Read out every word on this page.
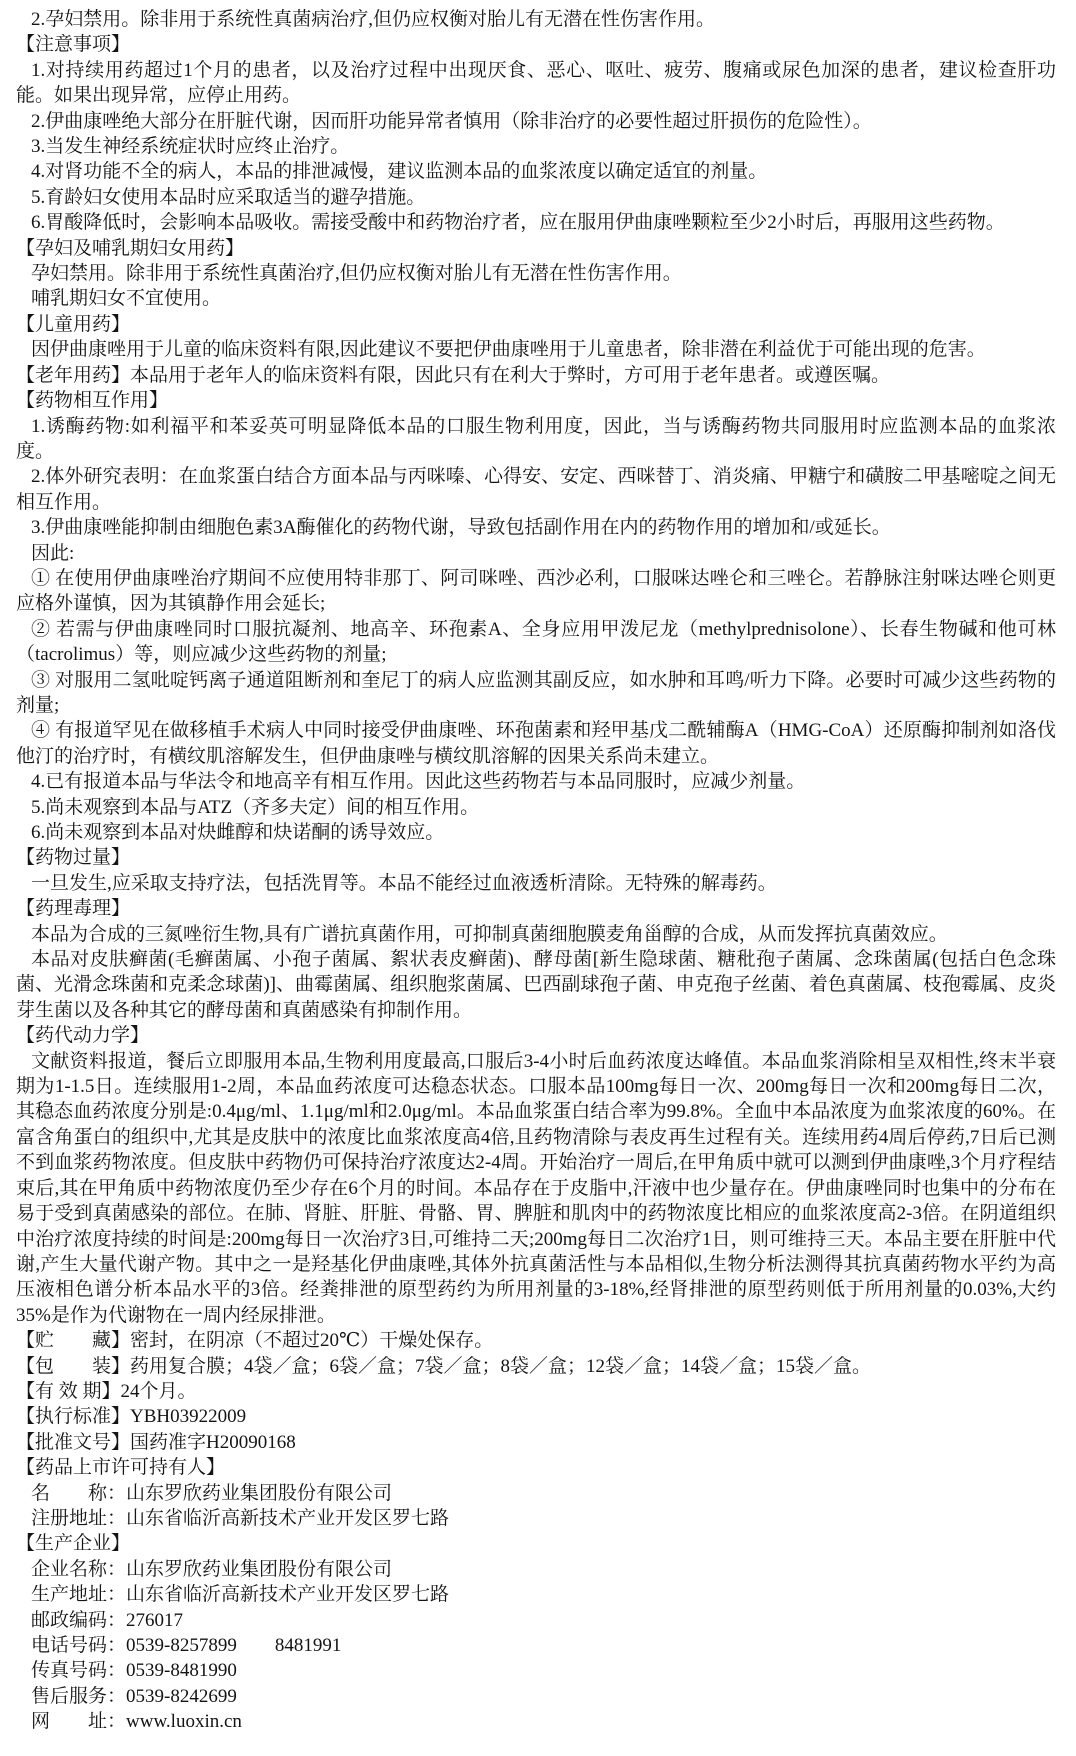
2.孕妇禁用。除非用于系统性真菌病治疗,但仍应权衡对胎儿有无潜在性伤害作用。

【注意事项】

1.对持续用药超过1个月的患者，以及治疗过程中出现厌食、恶心、呕吐、疲劳、腹痛或尿色加深的患者，建议检查肝功能。如果出现异常，应停止用药。

2.伊曲康唑绝大部分在肝脏代谢，因而肝功能异常者慎用（除非治疗的必要性超过肝损伤的危险性）。

3.当发生神经系统症状时应终止治疗。

4.对肾功能不全的病人，本品的排泄减慢，建议监测本品的血浆浓度以确定适宜的剂量。

5.育龄妇女使用本品时应采取适当的避孕措施。

6.胃酸降低时，会影响本品吸收。需接受酸中和药物治疗者，应在服用伊曲康唑颗粒至少2小时后，再服用这些药物。

【孕妇及哺乳期妇女用药】

孕妇禁用。除非用于系统性真菌治疗,但仍应权衡对胎儿有无潜在性伤害作用。

哺乳期妇女不宜使用。

【儿童用药】

因伊曲康唑用于儿童的临床资料有限,因此建议不要把伊曲康唑用于儿童患者，除非潜在利益优于可能出现的危害。

【老年用药】本品用于老年人的临床资料有限，因此只有在利大于弊时，方可用于老年患者。或遵医嘱。

【药物相互作用】

1.诱酶药物:如利福平和苯妥英可明显降低本品的口服生物利用度，因此，当与诱酶药物共同服用时应监测本品的血浆浓度。

2.体外研究表明：在血浆蛋白结合方面本品与丙咪嗪、心得安、安定、西咪替丁、消炎痛、甲糖宁和磺胺二甲基嘧啶之间无相互作用。

3.伊曲康唑能抑制由细胞色素3A酶催化的药物代谢，导致包括副作用在内的药物作用的增加和/或延长。

因此:

① 在使用伊曲康唑治疗期间不应使用特非那丁、阿司咪唑、西沙必利，口服咪达唑仑和三唑仑。若静脉注射咪达唑仑则更应格外谨慎，因为其镇静作用会延长;

② 若需与伊曲康唑同时口服抗凝剂、地高辛、环孢素A、全身应用甲泼尼龙（methylprednisolone）、长春生物碱和他可林（tacrolimus）等，则应减少这些药物的剂量;

③ 对服用二氢吡啶钙离子通道阻断剂和奎尼丁的病人应监测其副反应，如水肿和耳鸣/听力下降。必要时可减少这些药物的剂量;

④ 有报道罕见在做移植手术病人中同时接受伊曲康唑、环孢菌素和羟甲基戊二酰辅酶A（HMG-CoA）还原酶抑制剂如洛伐他汀的治疗时，有横纹肌溶解发生，但伊曲康唑与横纹肌溶解的因果关系尚未建立。

4.已有报道本品与华法令和地高辛有相互作用。因此这些药物若与本品同服时，应减少剂量。

5.尚未观察到本品与ATZ（齐多夫定）间的相互作用。

6.尚未观察到本品对炔雌醇和炔诺酮的诱导效应。

【药物过量】

一旦发生,应采取支持疗法，包括洗胃等。本品不能经过血液透析清除。无特殊的解毒药。

【药理毒理】

本品为合成的三氮唑衍生物,具有广谱抗真菌作用，可抑制真菌细胞膜麦角甾醇的合成，从而发挥抗真菌效应。

本品对皮肤癣菌(毛癣菌属、小孢子菌属、絮状表皮癣菌)、酵母菌[新生隐球菌、糖秕孢子菌属、念珠菌属(包括白色念珠菌、光滑念珠菌和克柔念球菌)]、曲霉菌属、组织胞浆菌属、巴西副球孢子菌、申克孢子丝菌、着色真菌属、枝孢霉属、皮炎芽生菌以及各种其它的酵母菌和真菌感染有抑制作用。

【药代动力学】

文献资料报道，餐后立即服用本品,生物利用度最高,口服后3-4小时后血药浓度达峰值。本品血浆消除相呈双相性,终末半衰期为1-1.5日。连续服用1-2周，本品血药浓度可达稳态状态。口服本品100mg每日一次、200mg每日一次和200mg每日二次，其稳态血药浓度分别是:0.4μg/ml、1.1μg/ml和2.0μg/ml。本品血浆蛋白结合率为99.8%。全血中本品浓度为血浆浓度的60%。在富含角蛋白的组织中,尤其是皮肤中的浓度比血浆浓度高4倍,且药物清除与表皮再生过程有关。连续用药4周后停药,7日后已测不到血浆药物浓度。但皮肤中药物仍可保持治疗浓度达2-4周。开始治疗一周后,在甲角质中就可以测到伊曲康唑,3个月疗程结束后,其在甲角质中药物浓度仍至少存在6个月的时间。本品存在于皮脂中,汗液中也少量存在。伊曲康唑同时也集中的分布在易于受到真菌感染的部位。在肺、肾脏、肝脏、骨骼、胃、脾脏和肌肉中的药物浓度比相应的血浆浓度高2-3倍。在阴道组织中治疗浓度持续的时间是:200mg每日一次治疗3日,可维持二天;200mg每日二次治疗1日，则可维持三天。本品主要在肝脏中代谢,产生大量代谢产物。其中之一是羟基化伊曲康唑,其体外抗真菌活性与本品相似,生物分析法测得其抗真菌药物水平约为高压液相色谱分析本品水平的3倍。经粪排泄的原型药约为所用剂量的3-18%,经肾排泄的原型药则低于所用剂量的0.03%,大约35%是作为代谢物在一周内经尿排泄。

【贮　　藏】密封，在阴凉（不超过20℃）干燥处保存。

【包　　装】药用复合膜；4袋／盒；6袋／盒；7袋／盒；8袋／盒；12袋／盒；14袋／盒；15袋／盒。

【有 效 期】24个月。

【执行标准】YBH03922009

【批准文号】国药准字H20090168

【药品上市许可持有人】

名　　称：山东罗欣药业集团股份有限公司

注册地址：山东省临沂高新技术产业开发区罗七路

【生产企业】

企业名称：山东罗欣药业集团股份有限公司

生产地址：山东省临沂高新技术产业开发区罗七路

邮政编码：276017

电话号码：0539-8257899　　8481991

传真号码：0539-8481990

售后服务：0539-8242699

网　　址：www.luoxin.cn
